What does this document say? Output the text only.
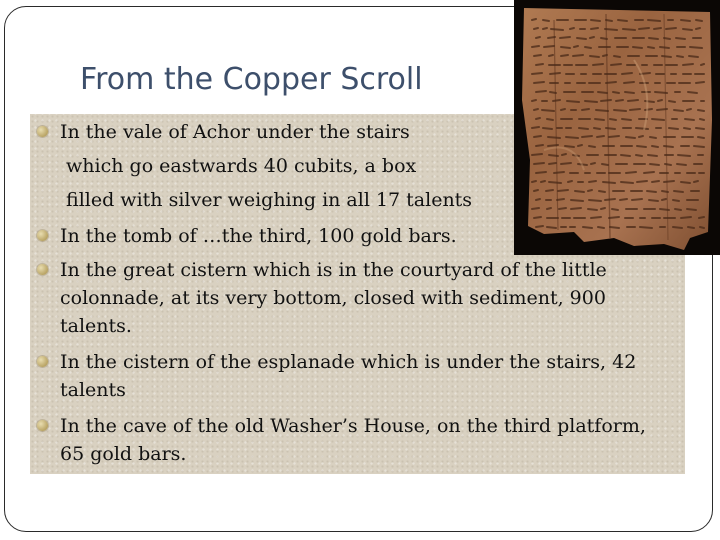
From the Copper Scroll
In the vale of Achor under the stairs
which go eastwards 40 cubits, a box
filled with silver weighing in all 17 talents
In the tomb of …the third, 100 gold bars.
In the great cistern which is in the courtyard of the little
colonnade, at its very bottom, closed with sediment, 900
talents.
In the cistern of the esplanade which is under the stairs, 42
talents
In the cave of the old Washer’s House, on the third platform,
65 gold bars.
